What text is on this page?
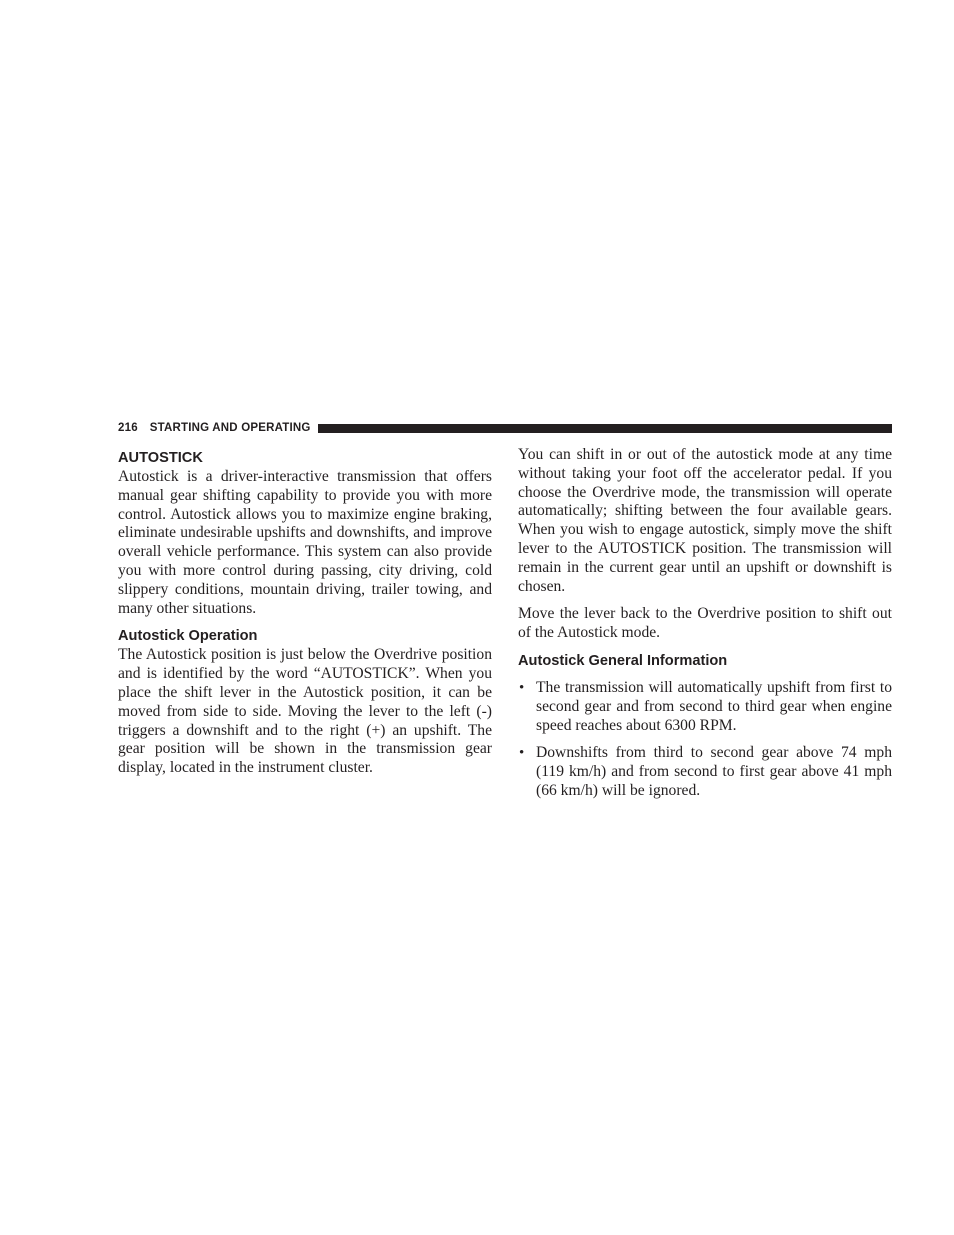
216 STARTING AND OPERATING
AUTOSTICK

Autostick is a driver-interactive transmission that offers manual gear shifting capability to provide you with more control. Autostick allows you to maximize engine braking, eliminate undesirable upshifts and downshifts, and improve overall vehicle performance. This system can also provide you with more control during passing, city driving, cold slippery conditions, mountain driving, trailer towing, and many other situations.

Autostick Operation

The Autostick position is just below the Overdrive position and is identified by the word “AUTOSTICK”. When you place the shift lever in the Autostick position, it can be moved from side to side. Moving the lever to the left (-) triggers a downshift and to the right (+) an upshift. The gear position will be shown in the transmission gear display, located in the instrument cluster.

You can shift in or out of the autostick mode at any time without taking your foot off the accelerator pedal. If you choose the Overdrive mode, the transmission will operate automatically; shifting between the four available gears. When you wish to engage autostick, simply move the shift lever to the AUTOSTICK position. The transmission will remain in the current gear until an upshift or downshift is chosen.

Move the lever back to the Overdrive position to shift out of the Autostick mode.

Autostick General Information
• The transmission will automatically upshift from first to second gear and from second to third gear when engine speed reaches about 6300 RPM.
• Downshifts from third to second gear above 74 mph (119 km/h) and from second to first gear above 41 mph (66 km/h) will be ignored.
